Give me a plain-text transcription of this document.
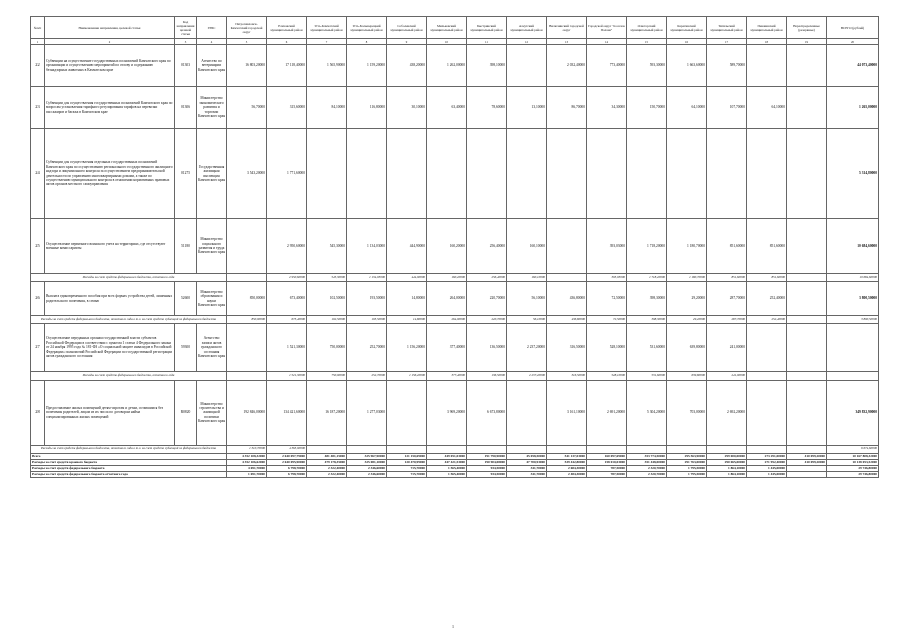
№п/п	Наименование направления, целевой статьи	Код направления целевой статьи	ГРБС	Петропавловск-Камчатский городской округ	Елизовский муниципальный район	Усть-Камчатский муниципальный район	Усть-Большерецкий муниципальный район	Соболевский муниципальный район	Мильковский муниципальный район	Быстринский муниципальный район	Алеутский муниципальный район	Вилючинский городской округ	Городской округ "поселок Палана"	Олюторский муниципальный район	Карагинский муниципальный район	Тигильский муниципальный район	Пенжинский муниципальный район	Нераспределенные (резервные)	ВСЕГО (рублей)	
1	2	3	4	5	6	7	8	9	10	11	12	13	14	15	16	17	18	19	20	
22	Субвенции на осуществление государственных полномочий Камчатского края по организации и осуществлению мероприятий по отлову и содержанию безнадзорных животных в Камчатском крае	01303	Агентство по ветеринарии Камчатского края	16 803,20000	17 118,40000	1 565,90000	1 159,20000	438,20000	1 262,00000	398,10000		2 032,40000	773,40000	593,30000	1 663,60000	589,70000			44 073,40000	
23	Субвенции для осуществления государственных полномочий Камчатского края по вопросам установления тарифного регулирования тарифов на перевозки пассажиров и багажа в Камчатском крае	01306	Министерство экономического развития и торговли Камчатского края	56,70000	315,60000	84,10000	116,80000	30,10000	63,40000	78,60000	13,10000	86,70000	34,30000	150,70000	64,10000	107,70000	64,10000		1 265,00000	
24	Субвенции для осуществления отдельных государственных полномочий Камчатского края по осуществлению регионального государственного жилищного надзора и лицензионного контроля за осуществлением предпринимательской деятельности по управлению многоквартирными домами, а также по осуществлению муниципального контроля в отношении нормативных правовых актов органов местного самоуправления	01275	Государственная жилищная инспекция Камчатского края	3 543,20000	1 771,60000														5 314,80000	
25	Осуществление первичного воинского учета на территориях, где отсутствуют военные комиссариаты	51180	Министерство социального развития и труда Камчатского края		2 950,60000	545,30000	1 134,03000	444,90000	160,20000	256,40000	160,10000		393,03000	1 718,20000	1 180,70000	851,60000	851,60000		10 684,60000	
Расходы за счет средств федерального бюджета, отчетного года					2 950,60000	545,30000	1 134,03000	444,90000	160,20000	256,40000	160,10000		393,03000	1 718,20000	1 180,70000	851,60000	851,60000		10 684,60000	
26	Выплата единовременного пособия при всех формах устройства детей, лишенных родительского попечения, в семью	52600	Министерство образования и науки Камчатского края	850,00000	673,40000	102,50000	193,50000	14,80000	264,00000	220,70000	56,10000	436,80000	72,50000	398,30000	29,20000	287,70000	252,40000		3 800,50000	
Расходы за счет средств федерального бюджета, отчетного года в т.ч. за счет средств субвенций из федерального бюджета				850,00000	673,40000	102,50000	193,50000	14,80000	264,00000	220,70000	56,10000	436,80000	72,50000	398,30000	29,20000	287,70000	252,40000		3 800,50000	
27	Осуществление переданных органам государственной власти субъектов Российской Федерации в соответствии с пунктом 1 статьи 4 Федерального закона от 24 ноября 1995 года № 181-ФЗ «О социальной защите инвалидов в Российской Федерации» полномочий Российской Федерации по государственной регистрации актов гражданского состояния	59300	Агентство записи актов гражданского состояния Камчатского края		1 521,30000	750,00000	252,70000	1 156,20000	377,40000	136,50000	2 237,20000	316,50000	528,10000	531,60000	639,80000	241,00000				
Расходы за счет средств федерального бюджета, отчетного года					1 521,30000	750,00000	252,70000	1 156,20000	377,40000	136,50000	2 237,20000	316,50000	528,10000	531,60000	639,80000	241,00000				
28	Предоставление жилых помещений детям-сиротам и детям, оставшимся без попечения родителей, лицам из их числа по договорам найма специализированных жилых помещений	R0820	Министерство строительства и жилищной политики Камчатского края	192 846,00000	134 421,60000	16 187,20000	1 277,03000		3 969,20000	6 673,80000		3 161,10000	2 691,20000	5 304,20000	703,00000	2 692,20000			349 832,90000	
Расходы за счет средств федерального бюджета, отчетного года в т.ч. за счет средств субвенций из федерального бюджета				1 310,70000	4 363,90000														6 674,60000	
Всего				4 352 108,32000	2 640 097,79000	481 481,15000	325 967,90000	121 150,69000	449 051,03000	191 790,90000	45 058,50000	541 137,03000	160 097,69000	353 774,50000	295 563,90000	299 000,00000	273 291,00000	410 099,20000	10 167 808,32000	
Расходы за счет средств краевого бюджета				4 352 106,62000	2 640 095,90000	479 178,35000	325 081,10000	120 470,99000	447 421,53000	190 904,08000	47 700,93000	539 442,80000	158 010,03000	351 448,00000	291 763,00000	290 065,00000	271 952,40000	410 099,20000	10 138 053,52000	
Расходы за счет средств федерального бюджета				4 691,70000	6 798,70000	2 322,40000	2 346,60000	715,70000	1 565,40000	934,50000	341,70000	2 684,30000	787,50000	2 320,70000	1 795,50000	1 864,10000	1 445,00000		29 746,80000	
Расходы за счет средств федерального бюджета отчетного года				1 691,70000	6 798,70000	2 322,40000	2 346,60000	715,70000	1 565,40000	934,50000	341,70000	2 484,30000	787,50000	2 320,70000	1 795,50000	1 864,10000	1 445,00000		29 746,80000	
1
